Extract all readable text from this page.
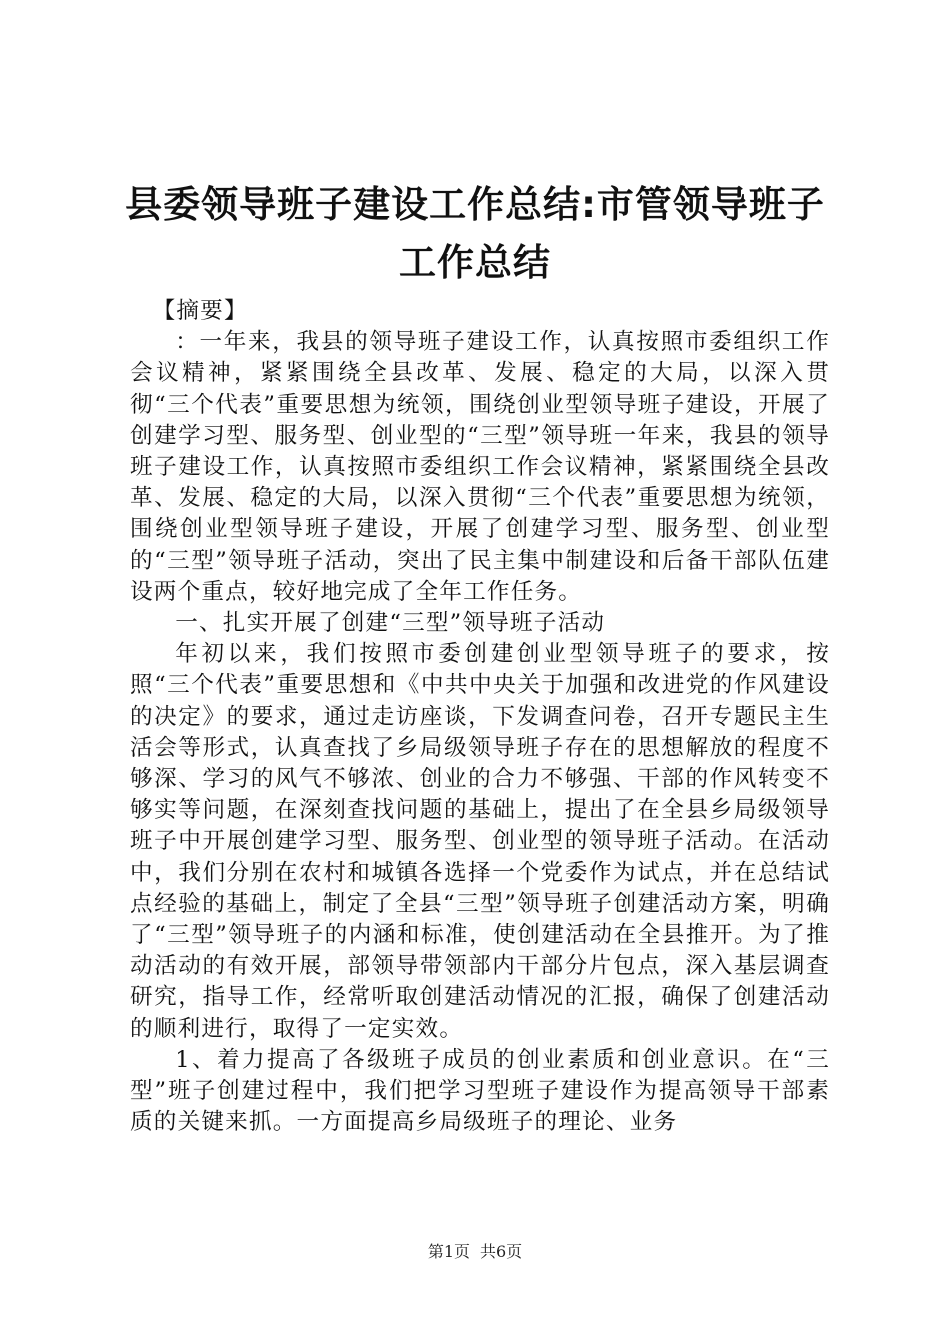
县委领导班子建设工作总结:市管领导班子工作总结

【摘要】

：一年来，我县的领导班子建设工作，认真按照市委组织工作会议精神，紧紧围绕全县改革、发展、稳定的大局，以深入贯彻“三个代表”重要思想为统领，围绕创业型领导班子建设，开展了创建学习型、服务型、创业型的“三型”领导班一年来，我县的领导班子建设工作，认真按照市委组织工作会议精神，紧紧围绕全县改革、发展、稳定的大局，以深入贯彻“三个代表”重要思想为统领，围绕创业型领导班子建设，开展了创建学习型、服务型、创业型的“三型”领导班子活动，突出了民主集中制建设和后备干部队伍建设两个重点，较好地完成了全年工作任务。

一、扎实开展了创建“三型”领导班子活动

年初以来，我们按照市委创建创业型领导班子的要求，按照“三个代表”重要思想和《中共中央关于加强和改进党的作风建设的决定》的要求，通过走访座谈，下发调查问卷，召开专题民主生活会等形式，认真查找了乡局级领导班子存在的思想解放的程度不够深、学习的风气不够浓、创业的合力不够强、干部的作风转变不够实等问题，在深刻查找问题的基础上，提出了在全县乡局级领导班子中开展创建学习型、服务型、创业型的领导班子活动。在活动中，我们分别在农村和城镇各选择一个党委作为试点，并在总结试点经验的基础上，制定了全县“三型”领导班子创建活动方案，明确了“三型”领导班子的内涵和标准，使创建活动在全县推开。为了推动活动的有效开展，部领导带领部内干部分片包点，深入基层调查研究，指导工作，经常听取创建活动情况的汇报，确保了创建活动的顺利进行，取得了一定实效。

1、着力提高了各级班子成员的创业素质和创业意识。在“三型”班子创建过程中，我们把学习型班子建设作为提高领导干部素质的关键来抓。一方面提高乡局级班子的理论、业务

第1页 共6页
